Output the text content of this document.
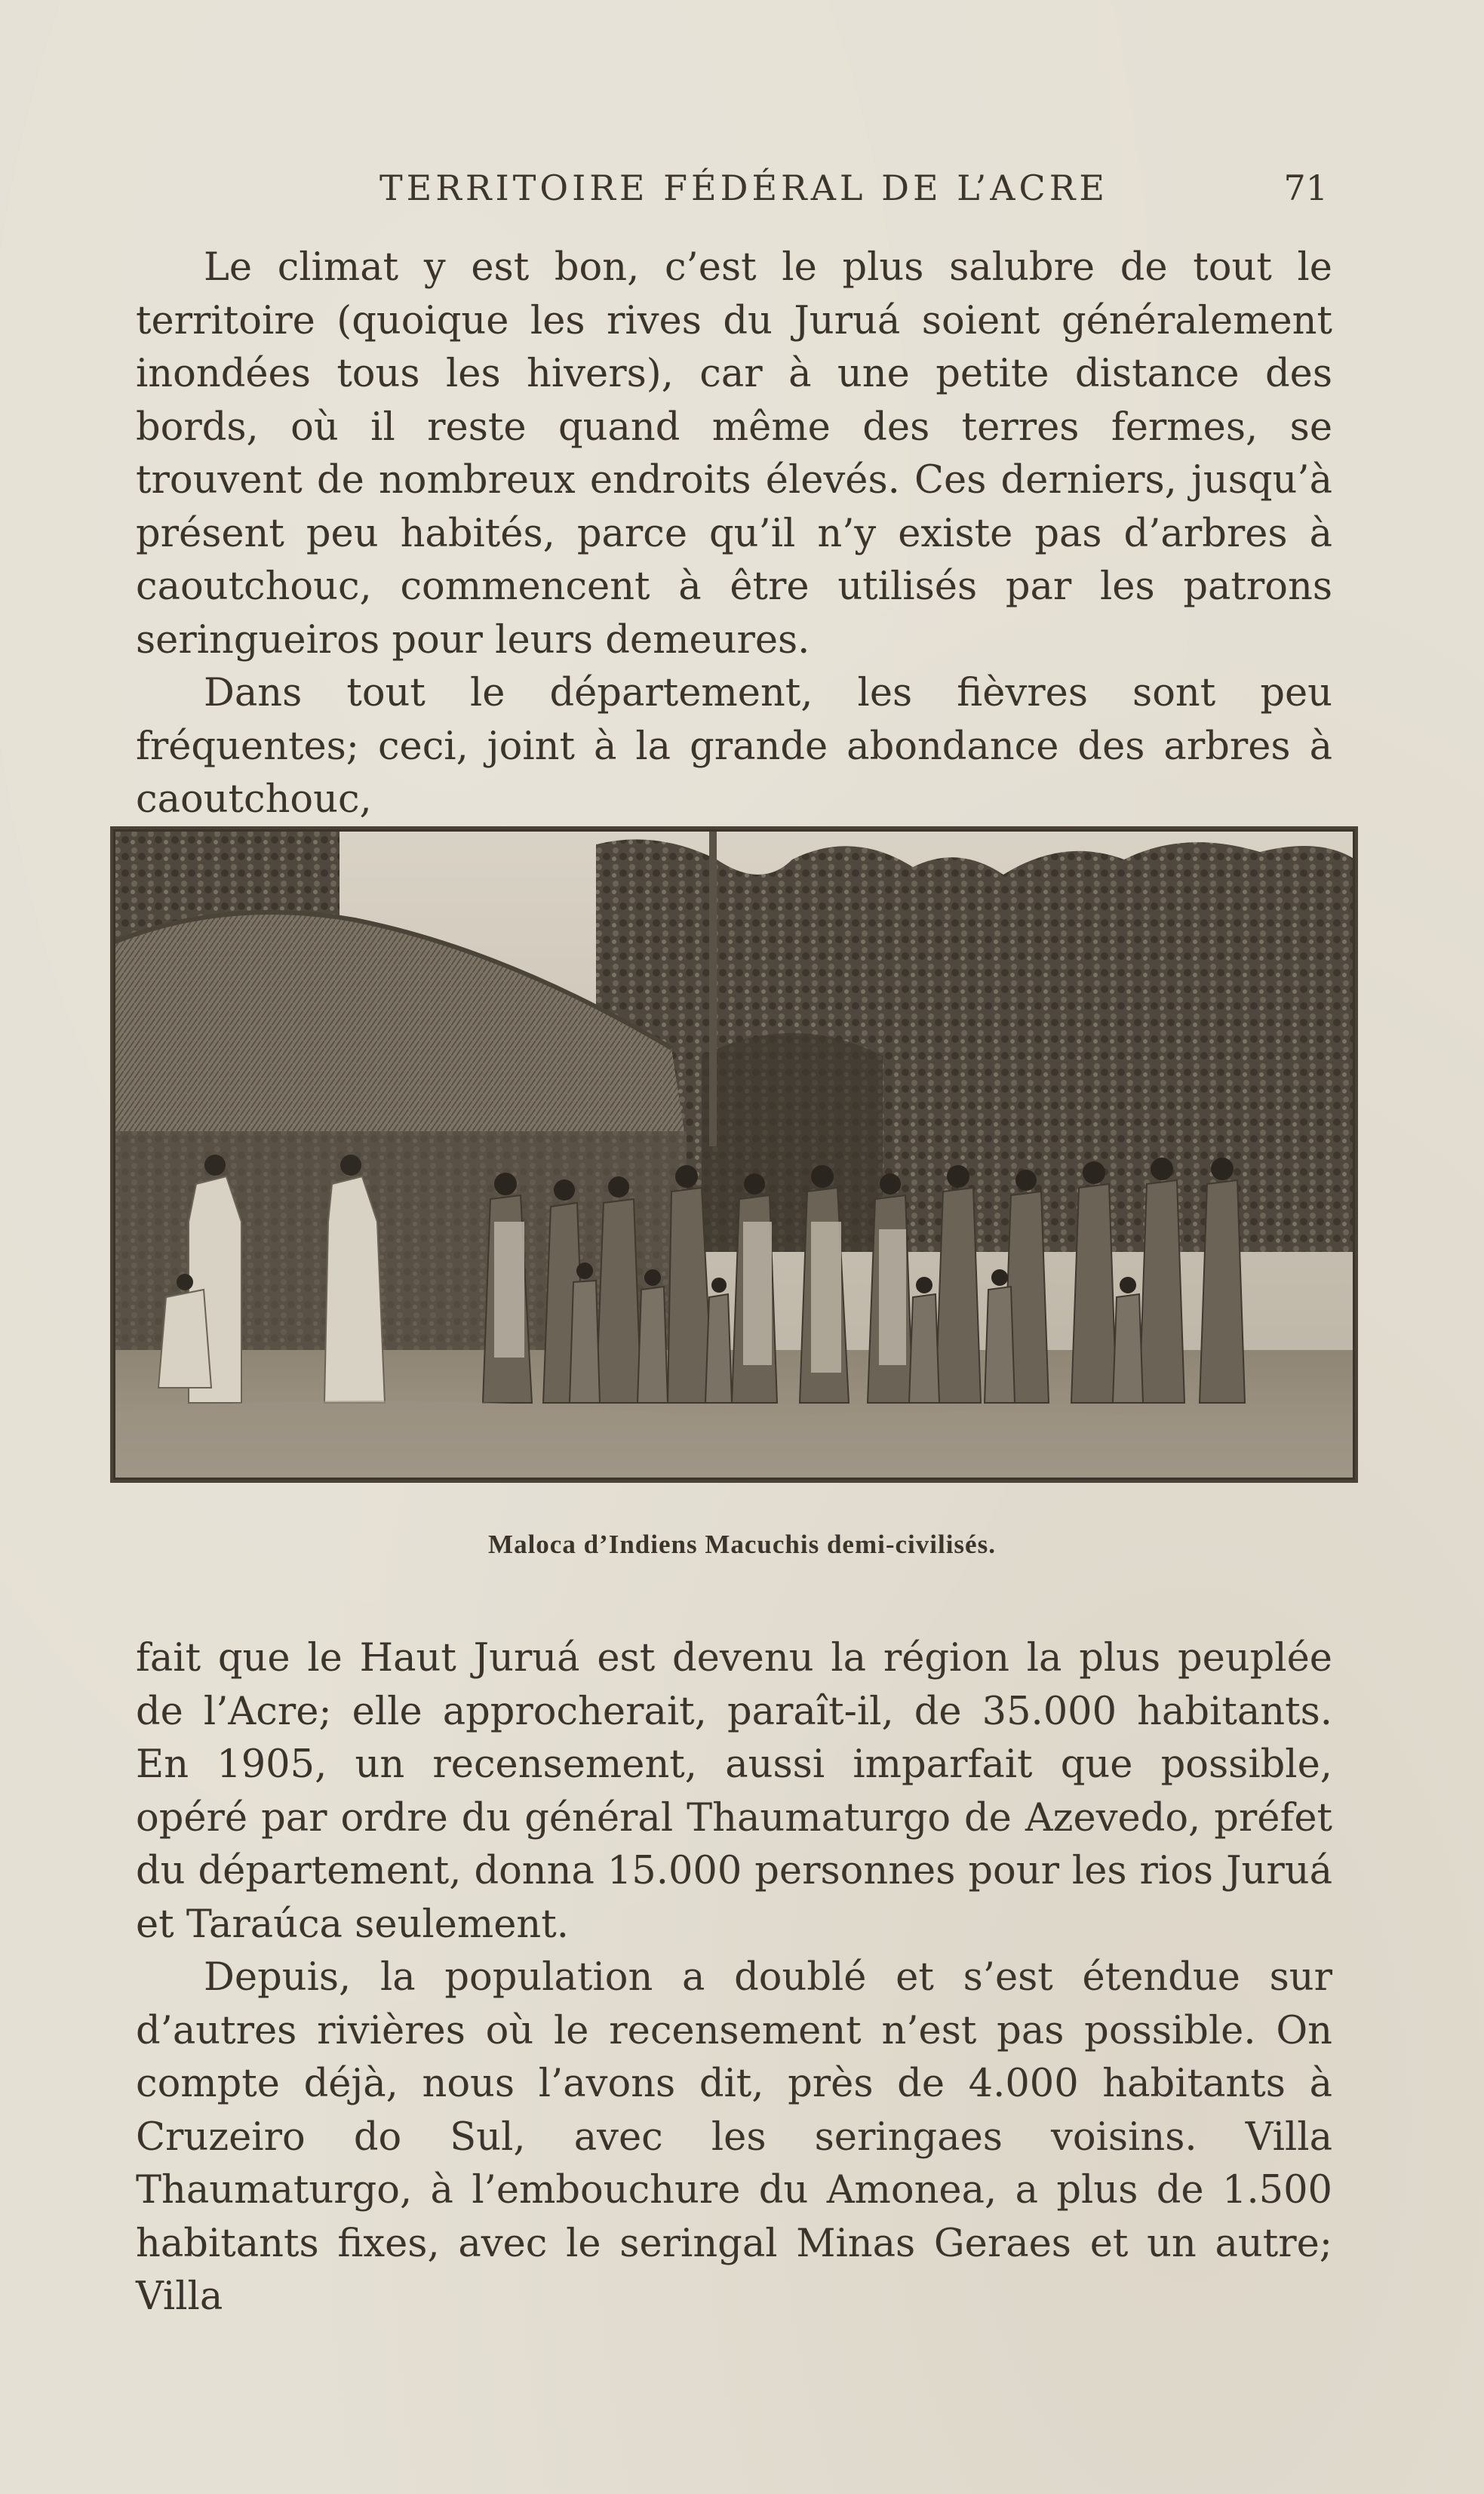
TERRITOIRE FÉDÉRAL DE L’ACRE	71

Le climat y est bon, c’est le plus salubre de tout le territoire (quoique les rives du Juruá soient généralement inondées tous les hivers), car à une petite distance des bords, où il reste quand même des terres fermes, se trouvent de nombreux endroits élevés. Ces derniers, jusqu’à présent peu habités, parce qu’il n’y existe pas d’arbres à caoutchouc, commencent à être utilisés par les patrons seringueiros pour leurs demeures.

Dans tout le département, les fièvres sont peu fréquentes; ceci, joint à la grande abondance des arbres à caoutchouc,

Maloca d’Indiens Macuchis demi-civilisés.

fait que le Haut Juruá est devenu la région la plus peuplée de l’Acre; elle approcherait, paraît-il, de 35.000 habitants. En 1905, un recensement, aussi imparfait que possible, opéré par ordre du général Thaumaturgo de Azevedo, préfet du département, donna 15.000 personnes pour les rios Juruá et Taraúca seulement.

Depuis, la population a doublé et s’est étendue sur d’autres rivières où le recensement n’est pas possible. On compte déjà, nous l’avons dit, près de 4.000 habitants à Cruzeiro do Sul, avec les seringaes voisins. Villa Thaumaturgo, à l’embouchure du Amonea, a plus de 1.500 habitants fixes, avec le seringal Minas Geraes et un autre; Villa
